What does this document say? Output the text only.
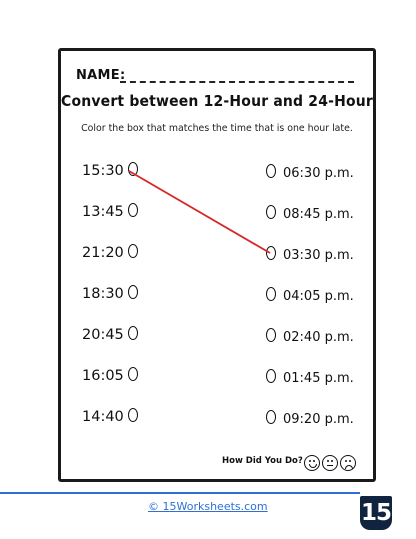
NAME:
Convert between 12-Hour and 24-Hour
Color the box that matches the time that is one hour late.
15:30
13:45
21:20
18:30
20:45
16:05
14:40
06:30 p.m.
08:45 p.m.
03:30 p.m.
04:05 p.m.
02:40 p.m.
01:45 p.m.
09:20 p.m.
How Did You Do?
© 15Worksheets.com	15
